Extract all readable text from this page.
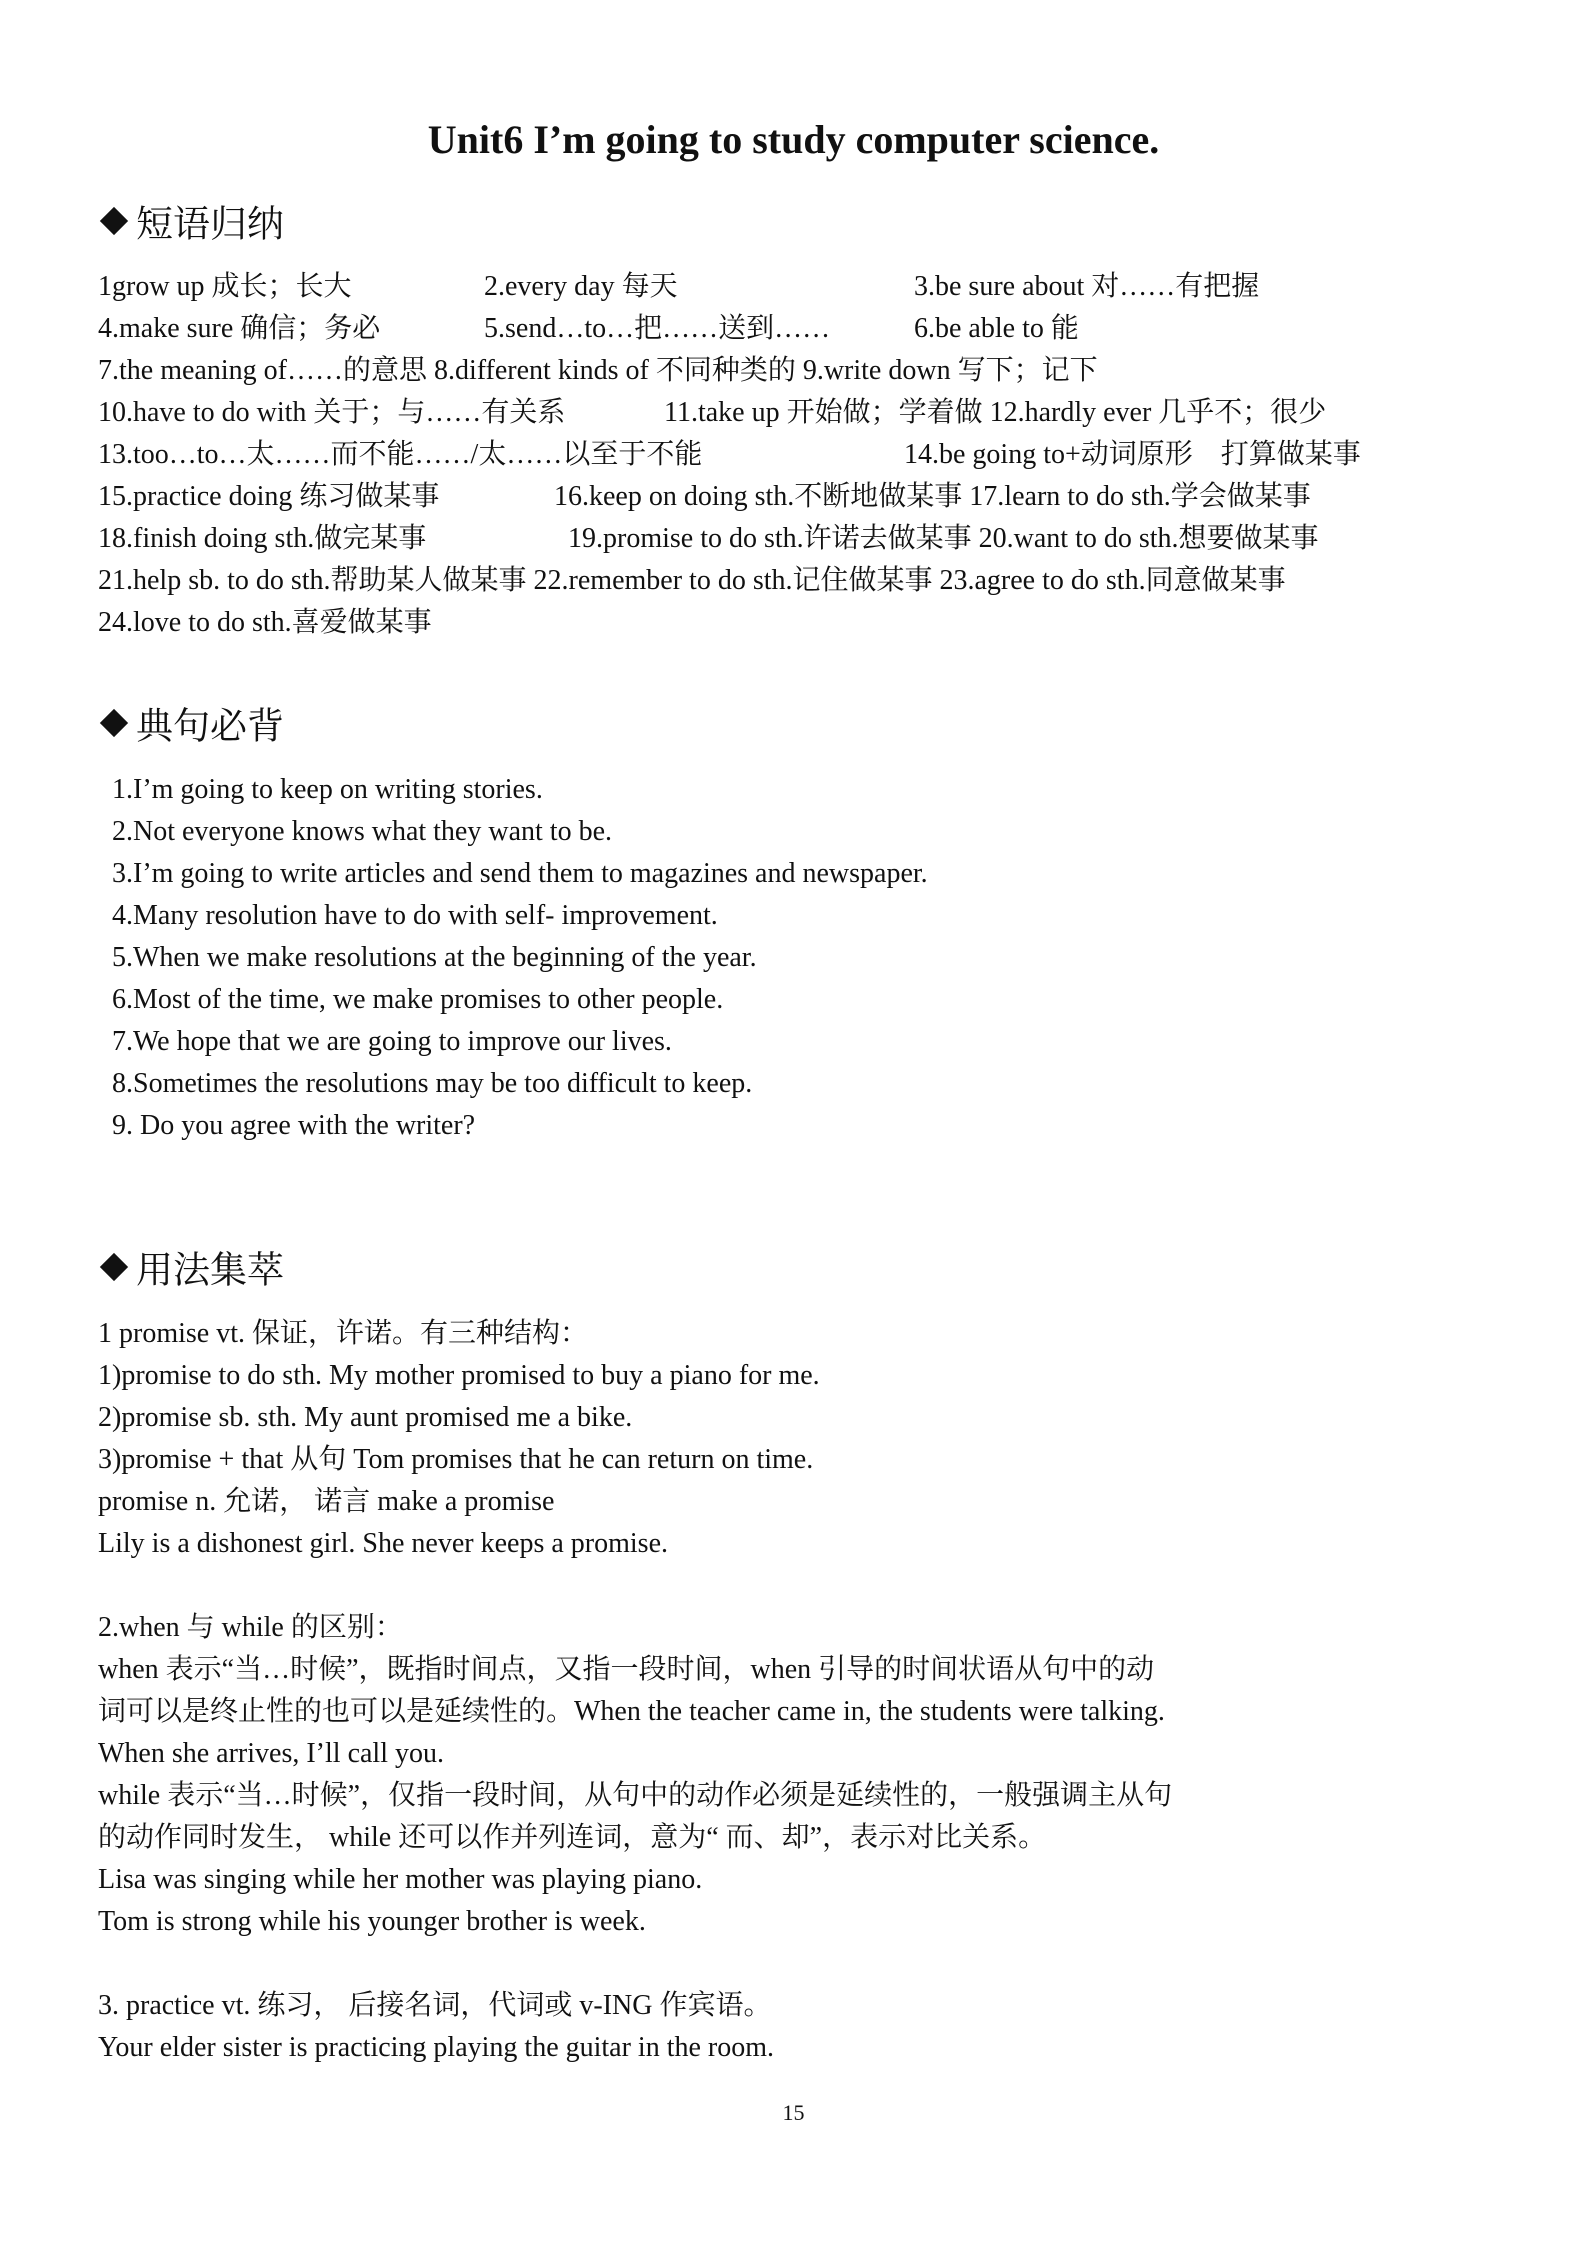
Unit6 I’m going to study computer science.
短语归纳
1grow up 成长；长大	2.every day 每天	3.be sure about 对……有把握
4.make sure 确信；务必	5.send…to…把……送到……	6.be able to 能
7.the meaning of……的意思 8.different kinds of 不同种类的 9.write down 写下；记下
10.have to do with 关于；与……有关系	11.take up 开始做；学着做 12.hardly ever 几乎不；很少
13.too…to…太……而不能……/太……以至于不能	14.be going to+动词原形　打算做某事
15.practice doing 练习做某事	16.keep on doing sth.不断地做某事 17.learn to do sth.学会做某事
18.finish doing sth.做完某事	19.promise to do sth.许诺去做某事 20.want to do sth.想要做某事
21.help sb. to do sth.帮助某人做某事 22.remember to do sth.记住做某事 23.agree to do sth.同意做某事
24.love to do sth.喜爱做某事
典句必背
1.I’m going to keep on writing stories.
2.Not everyone knows what they want to be.
3.I’m going to write articles and send them to magazines and newspaper.
4.Many resolution have to do with self- improvement.
5.When we make resolutions at the beginning of the year.
6.Most of the time, we make promises to other people.
7.We hope that we are going to improve our lives.
8.Sometimes the resolutions may be too difficult to keep.
9. Do you agree with the writer?
用法集萃
1 promise vt. 保证，许诺。有三种结构：
1)promise to do sth. My mother promised to buy a piano for me.
2)promise sb. sth. My aunt promised me a bike.
3)promise + that 从句 Tom promises that he can return on time.
promise n. 允诺， 诺言 make a promise
Lily is a dishonest girl. She never keeps a promise.
2.when 与 while 的区别：
when 表示“当…时候”，既指时间点，又指一段时间，when 引导的时间状语从句中的动
词可以是终止性的也可以是延续性的。When the teacher came in, the students were talking.
When she arrives, I’ll call you.
while 表示“当…时候”，仅指一段时间，从句中的动作必须是延续性的，一般强调主从句
的动作同时发生， while 还可以作并列连词，意为“ 而、却”，表示对比关系。
Lisa was singing while her mother was playing piano.
Tom is strong while his younger brother is week.
3. practice vt. 练习， 后接名词，代词或 v-ING 作宾语。
Your elder sister is practicing playing the guitar in the room.
15
